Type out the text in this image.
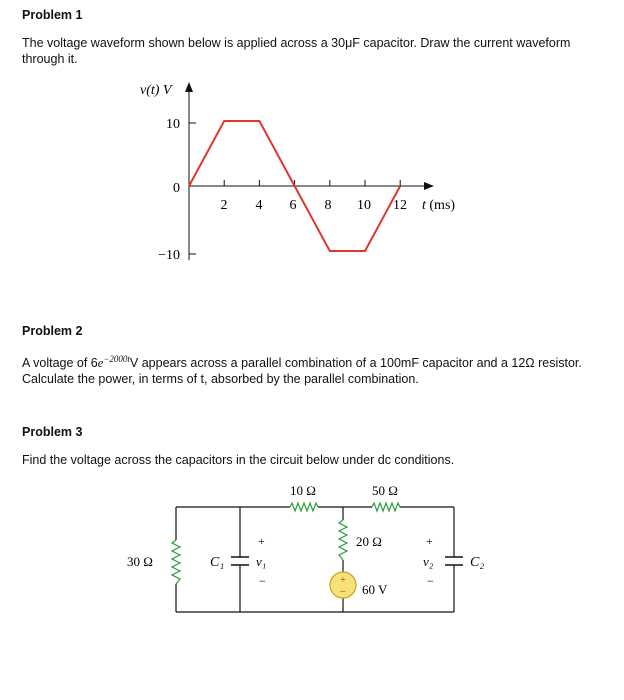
Problem 1
The voltage waveform shown below is applied across a 30μF capacitor. Draw the current waveform through it.
v(t) V
10
0
−10
2 4 6 8 10 12 t (ms)
Problem 2
A voltage of $6e^{-2000t}V$ appears across a parallel combination of a 100mF capacitor and a 12Ω resistor.
Calculate the power, in terms of t, absorbed by the parallel combination.
Problem 3
Find the voltage across the capacitors in the circuit below under dc conditions.
+
−
10 Ω	50 Ω
30 Ω
20 Ω
60 V
C₁	C₂
+
v₁
−
+
v₂
−
